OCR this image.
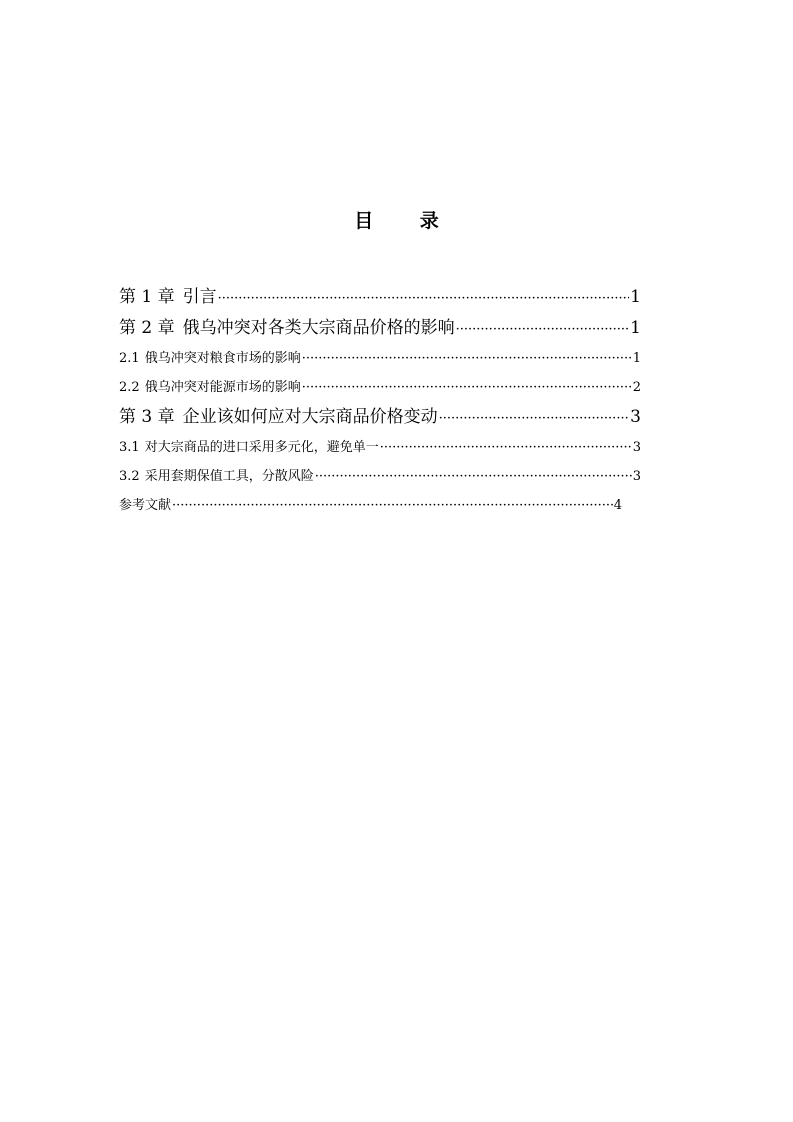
目 录
第 1 章 引言 ·····	1
第 2 章 俄乌冲突对各类大宗商品价格的影响 ·····	1
2.1 俄乌冲突对粮食市场的影响 ·····	1
2.2 俄乌冲突对能源市场的影响 ·····	2
第 3 章 企业该如何应对大宗商品价格变动 ·····	3
3.1 对大宗商品的进口采用多元化，避免单一 ·····	3
3.2 采用套期保值工具，分散风险 ·····	3
参考文献 ·····	4
